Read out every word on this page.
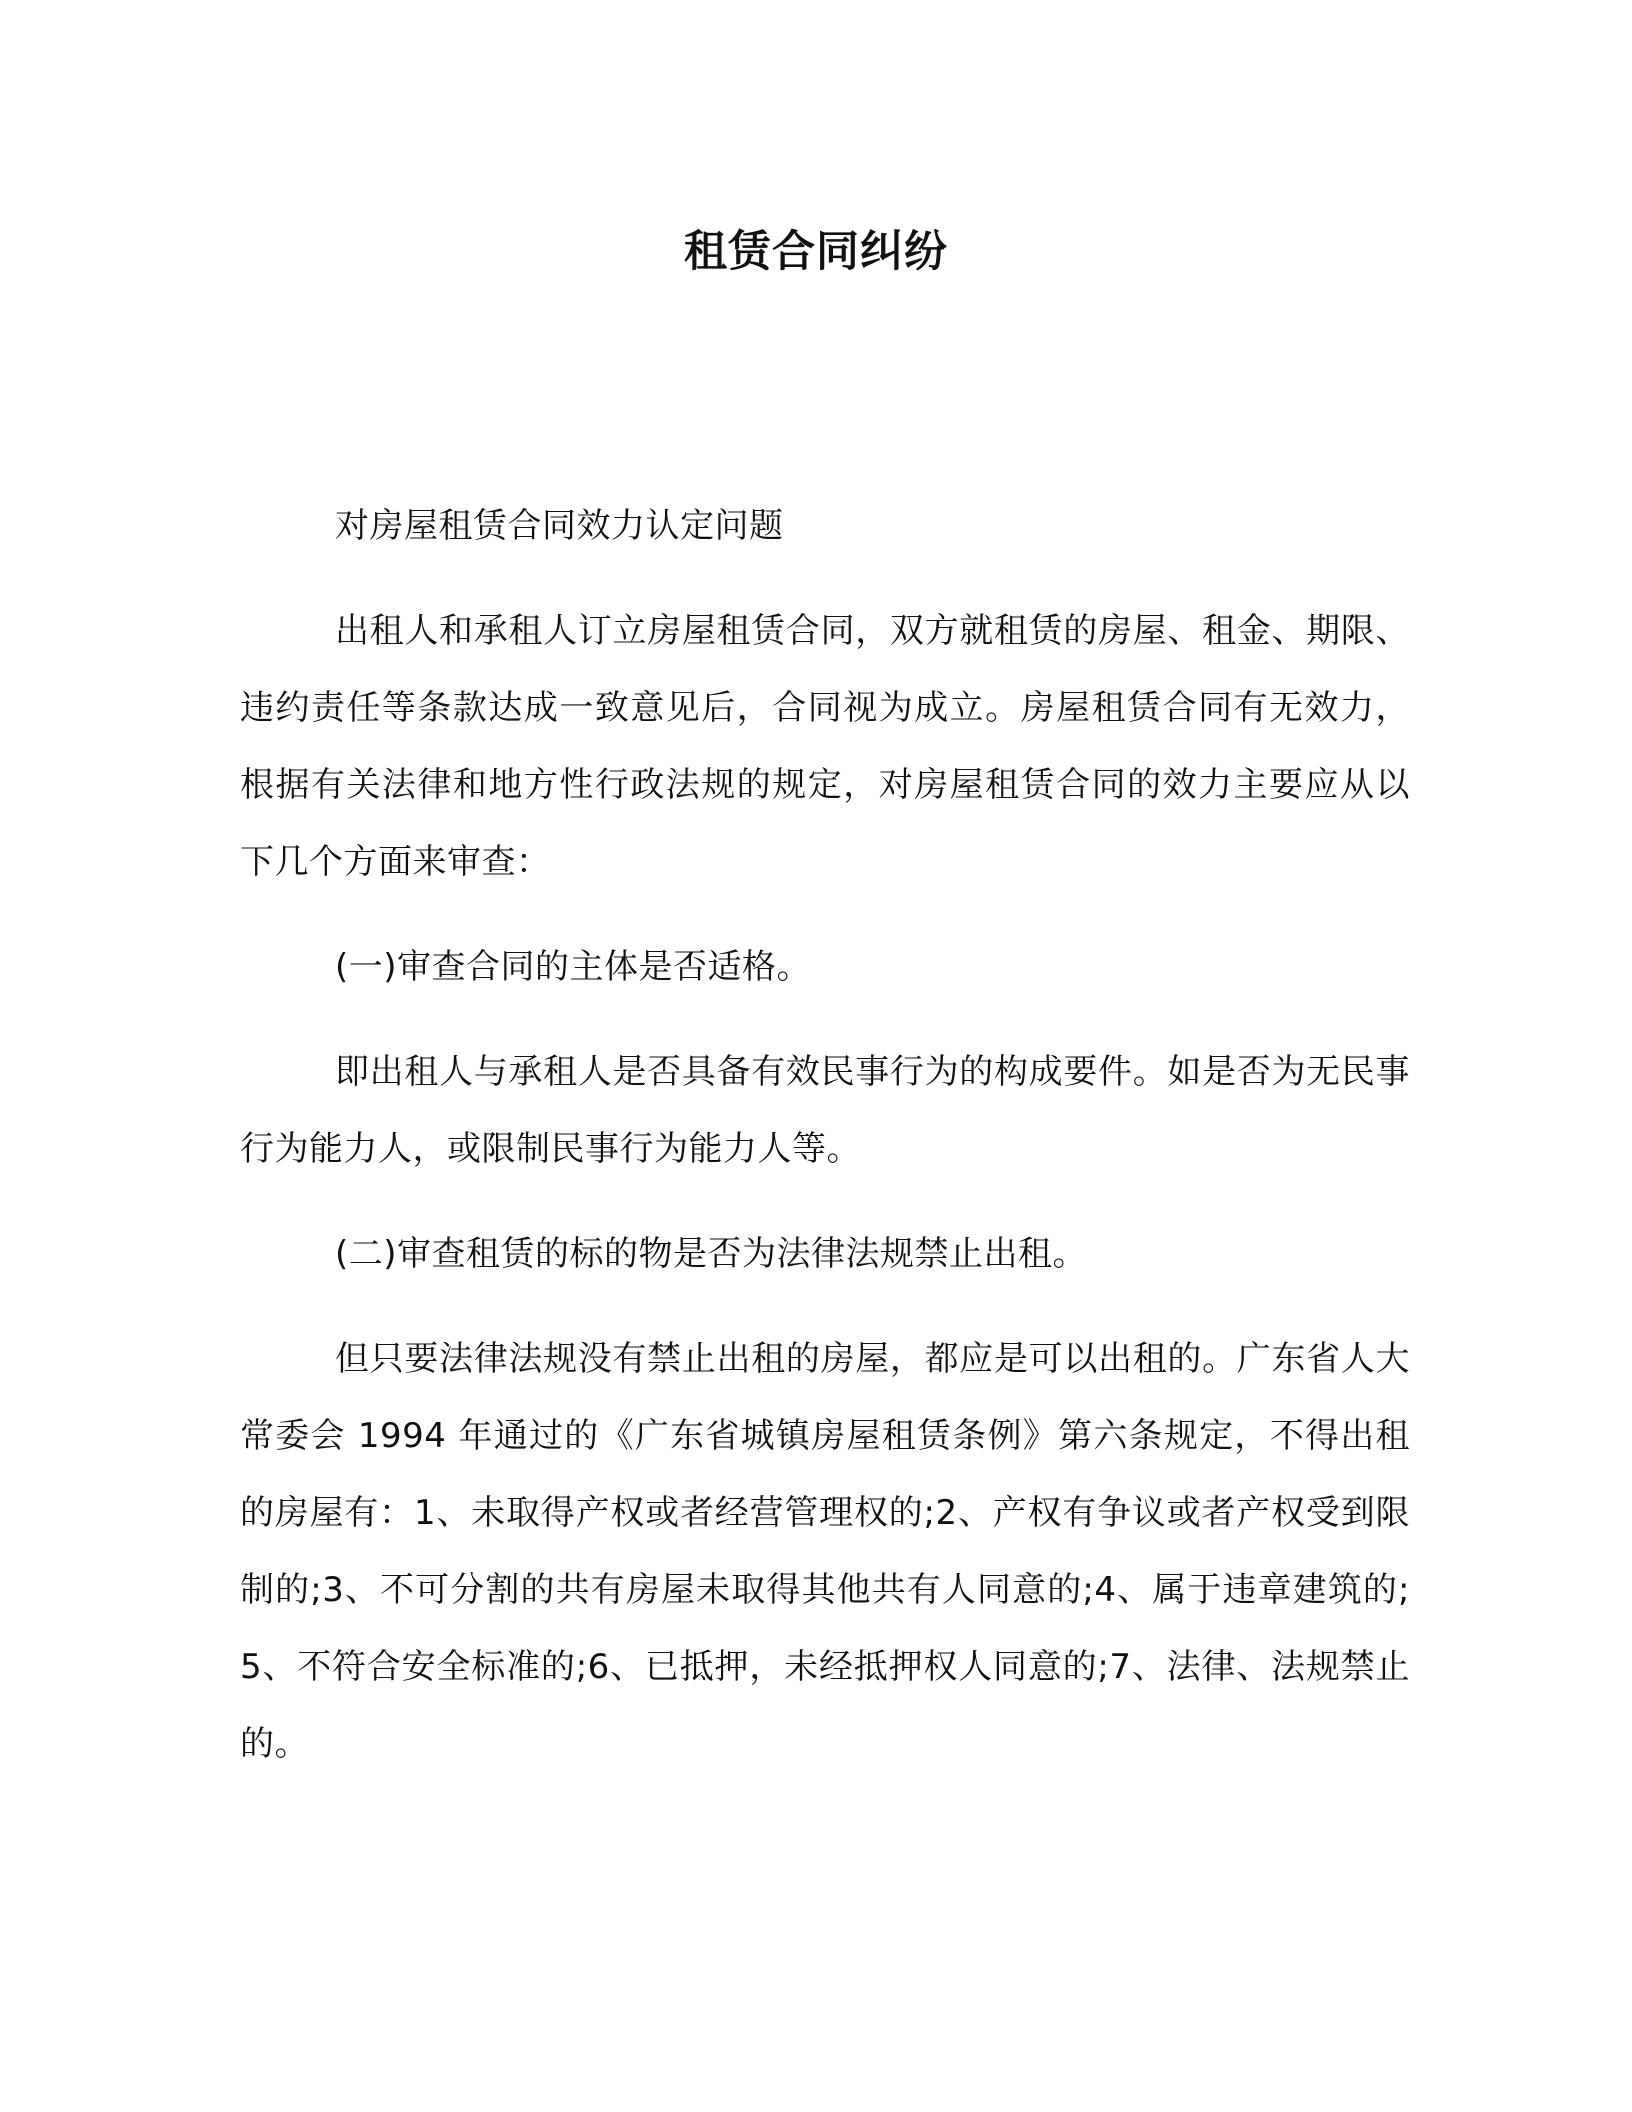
租赁合同纠纷

对房屋租赁合同效力认定问题

出租人和承租人订立房屋租赁合同，双方就租赁的房屋、租金、期限、违约责任等条款达成一致意见后，合同视为成立。房屋租赁合同有无效力，根据有关法律和地方性行政法规的规定，对房屋租赁合同的效力主要应从以下几个方面来审查：

(一)审查合同的主体是否适格。

即出租人与承租人是否具备有效民事行为的构成要件。如是否为无民事行为能力人，或限制民事行为能力人等。

(二)审查租赁的标的物是否为法律法规禁止出租。

但只要法律法规没有禁止出租的房屋，都应是可以出租的。广东省人大常委会 1994 年通过的《广东省城镇房屋租赁条例》第六条规定，不得出租的房屋有：1、未取得产权或者经营管理权的;2、产权有争议或者产权受到限制的;3、不可分割的共有房屋未取得其他共有人同意的;4、属于违章建筑的;5、不符合安全标准的;6、已抵押，未经抵押权人同意的;7、法律、法规禁止的。
